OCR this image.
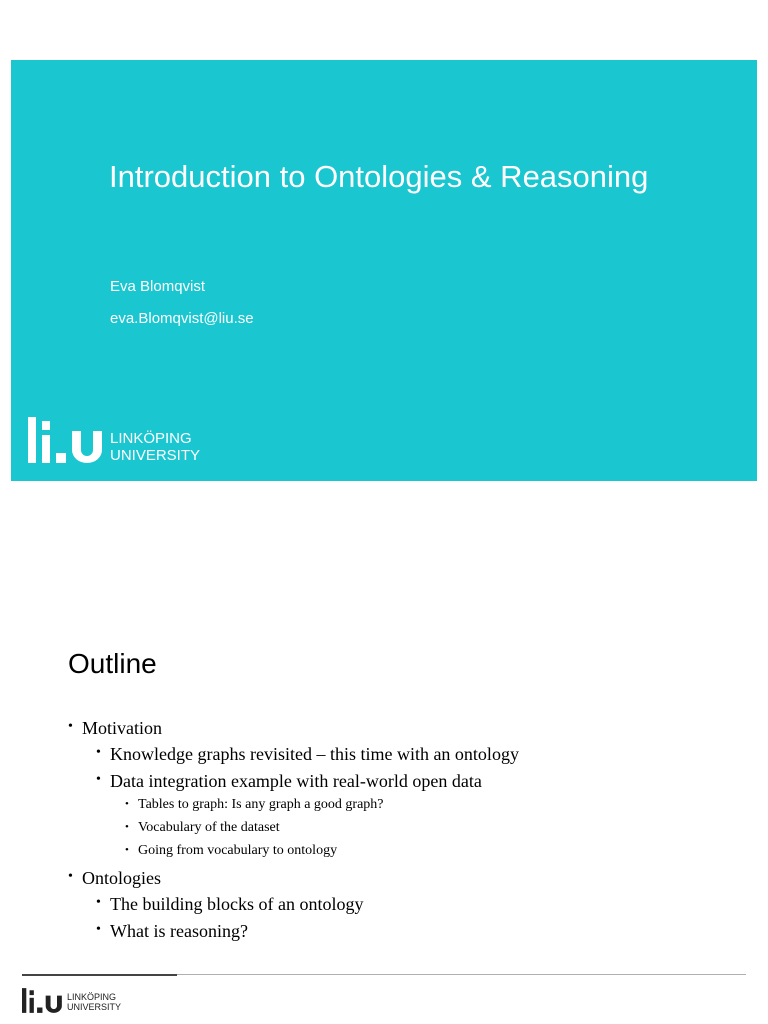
Introduction to Ontologies & Reasoning
Eva Blomqvist
eva.Blomqvist@liu.se
LINKÖPING
UNIVERSITY
Outline
• Motivation
• Knowledge graphs revisited – this time with an ontology
• Data integration example with real-world open data
• Tables to graph: Is any graph a good graph?
• Vocabulary of the dataset
• Going from vocabulary to ontology
• Ontologies
• The building blocks of an ontology
• What is reasoning?
LINKÖPING
UNIVERSITY
